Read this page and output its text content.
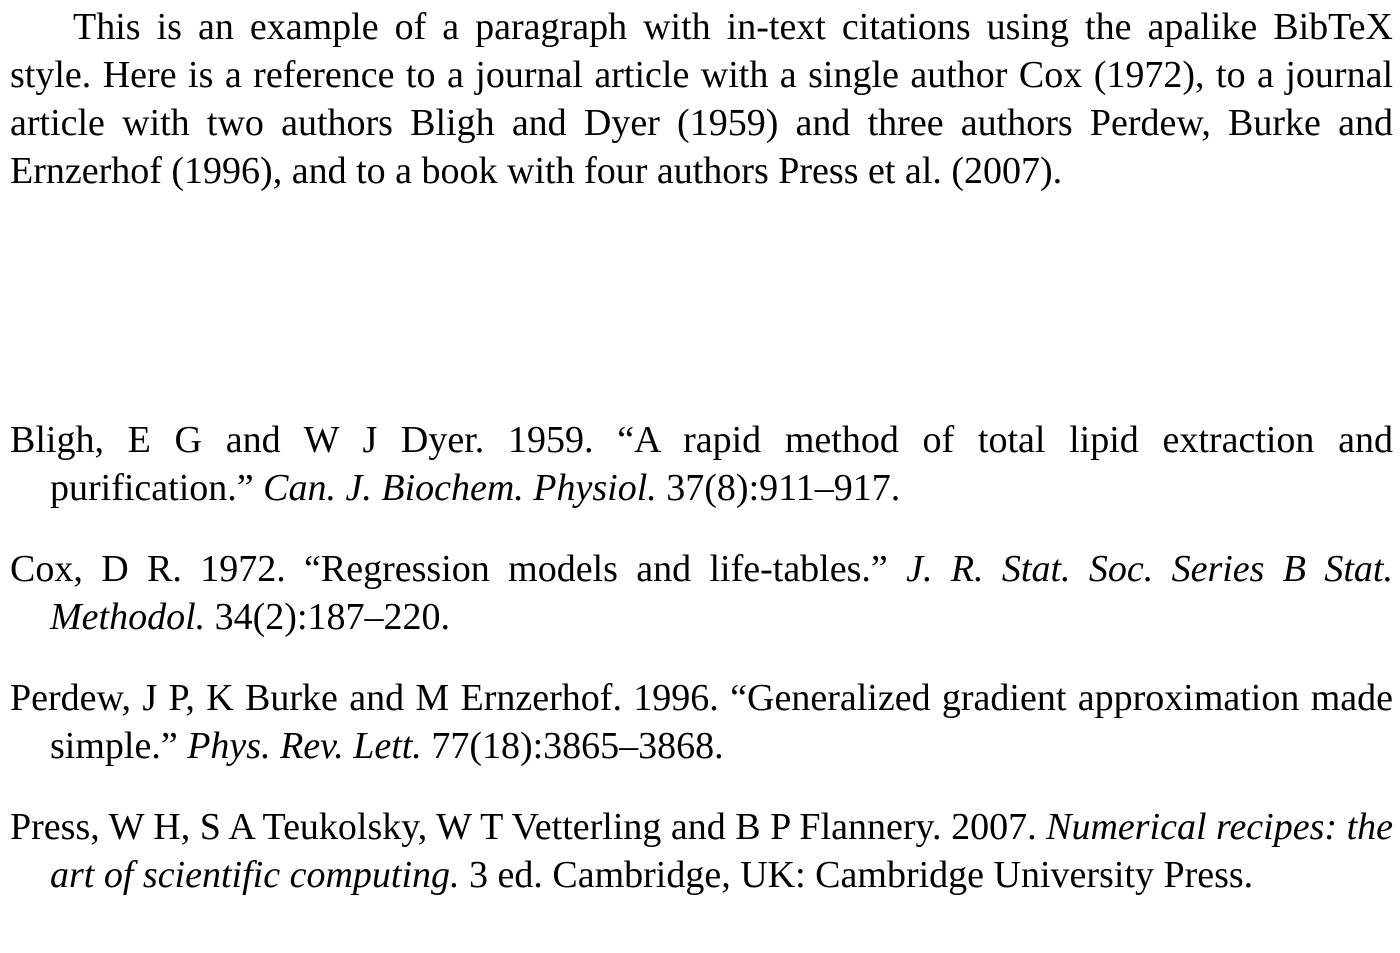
This is an example of a paragraph with in-text citations using the apalike BibTeX style. Here is a reference to a journal article with a single author Cox (1972), to a journal article with two authors Bligh and Dyer (1959) and three authors Perdew, Burke and Ernzerhof (1996), and to a book with four authors Press et al. (2007).

Bligh, E G and W J Dyer. 1959. “A rapid method of total lipid extraction and purification.” Can. J. Biochem. Physiol. 37(8):911–917.
Cox, D R. 1972. “Regression models and life-tables.” J. R. Stat. Soc. Series B Stat. Methodol. 34(2):187–220.
Perdew, J P, K Burke and M Ernzerhof. 1996. “Generalized gradient approximation made simple.” Phys. Rev. Lett. 77(18):3865–3868.
Press, W H, S A Teukolsky, W T Vetterling and B P Flannery. 2007. Numerical recipes: the art of scientific computing. 3 ed. Cambridge, UK: Cambridge University Press.
